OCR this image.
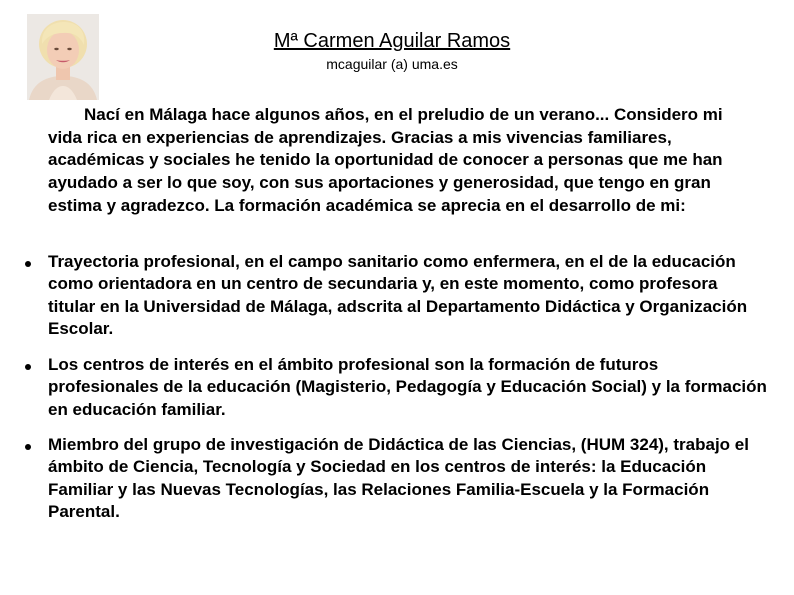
Mª Carmen Aguilar Ramos
mcaguilar (a) uma.es
Nací en Málaga hace algunos años, en el preludio de un verano... Considero mi vida rica en experiencias de aprendizajes. Gracias a mis vivencias familiares, académicas y sociales he tenido la oportunidad de conocer a personas que me han ayudado a ser lo que soy, con sus aportaciones y generosidad, que tengo en gran estima y agradezco. La formación académica se aprecia en el desarrollo de mi:
Trayectoria profesional, en el campo sanitario como enfermera, en el de la educación como orientadora en un centro de secundaria y, en este momento, como profesora titular en la Universidad de Málaga, adscrita al Departamento Didáctica y Organización Escolar.
Los centros de interés en el ámbito profesional son la formación de futuros profesionales de la educación (Magisterio, Pedagogía y Educación Social) y la formación en educación familiar.
Miembro del grupo de investigación de Didáctica de las Ciencias, (HUM 324), trabajo el ámbito de Ciencia, Tecnología y Sociedad en los centros de interés: la Educación Familiar y las Nuevas Tecnologías, las Relaciones Familia-Escuela y la Formación Parental.
